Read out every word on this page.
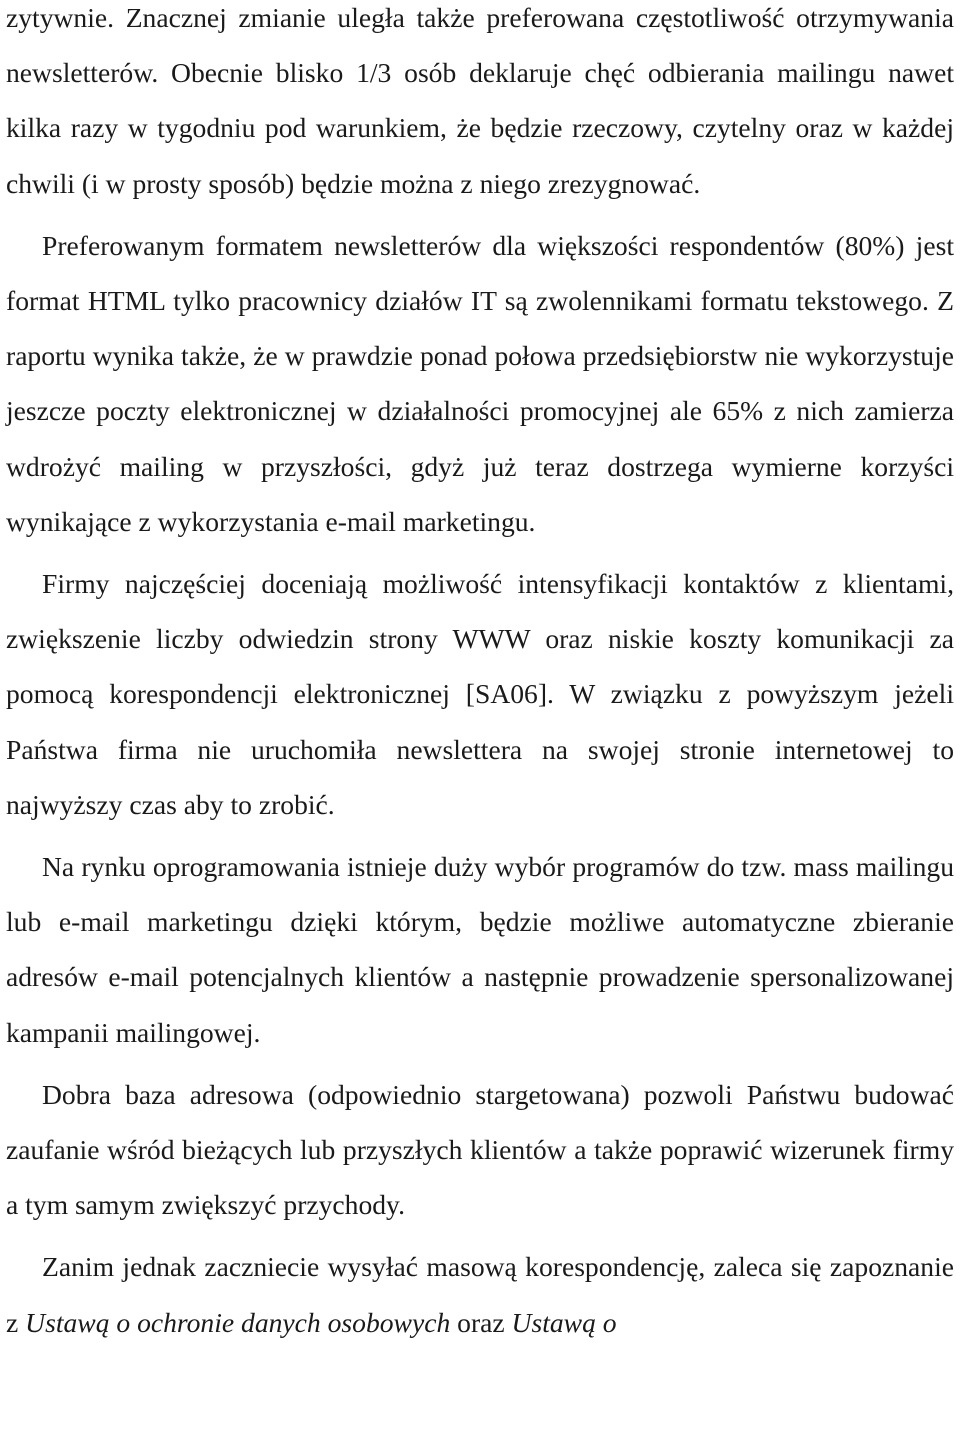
zytywnie. Znacznej zmianie uległa także preferowana częstotliwość otrzymywania newsletterów. Obecnie blisko 1/3 osób deklaruje chęć odbierania mailingu nawet kilka razy w tygodniu pod warunkiem, że będzie rzeczowy, czytelny oraz w każdej chwili (i w prosty sposób) będzie można z niego zrezygnować.

Preferowanym formatem newsletterów dla większości respondentów (80%) jest format HTML tylko pracownicy działów IT są zwolennikami formatu tekstowego. Z raportu wynika także, że w prawdzie ponad połowa przedsiębiorstw nie wykorzystuje jeszcze poczty elektronicznej w działalności promocyjnej ale 65% z nich zamierza wdrożyć mailing w przyszłości, gdyż już teraz dostrzega wymierne korzyści wynikające z wykorzystania e-mail marketingu.

Firmy najczęściej doceniają możliwość intensyfikacji kontaktów z klientami, zwiększenie liczby odwiedzin strony WWW oraz niskie koszty komunikacji za pomocą korespondencji elektronicznej [SA06]. W związku z powyższym jeżeli Państwa firma nie uruchomiła newslettera na swojej stronie internetowej to najwyższy czas aby to zrobić.

Na rynku oprogramowania istnieje duży wybór programów do tzw. mass mailingu lub e-mail marketingu dzięki którym, będzie możliwe automatyczne zbieranie adresów e-mail potencjalnych klientów a następnie prowadzenie spersonalizowanej kampanii mailingowej.

Dobra baza adresowa (odpowiednio stargetowana) pozwoli Państwu budować zaufanie wśród bieżących lub przyszłych klientów a także poprawić wizerunek firmy a tym samym zwiększyć przychody.

Zanim jednak zaczniecie wysyłać masową korespondencję, zaleca się zapoznanie z Ustawą o ochronie danych osobowych oraz Ustawą o
